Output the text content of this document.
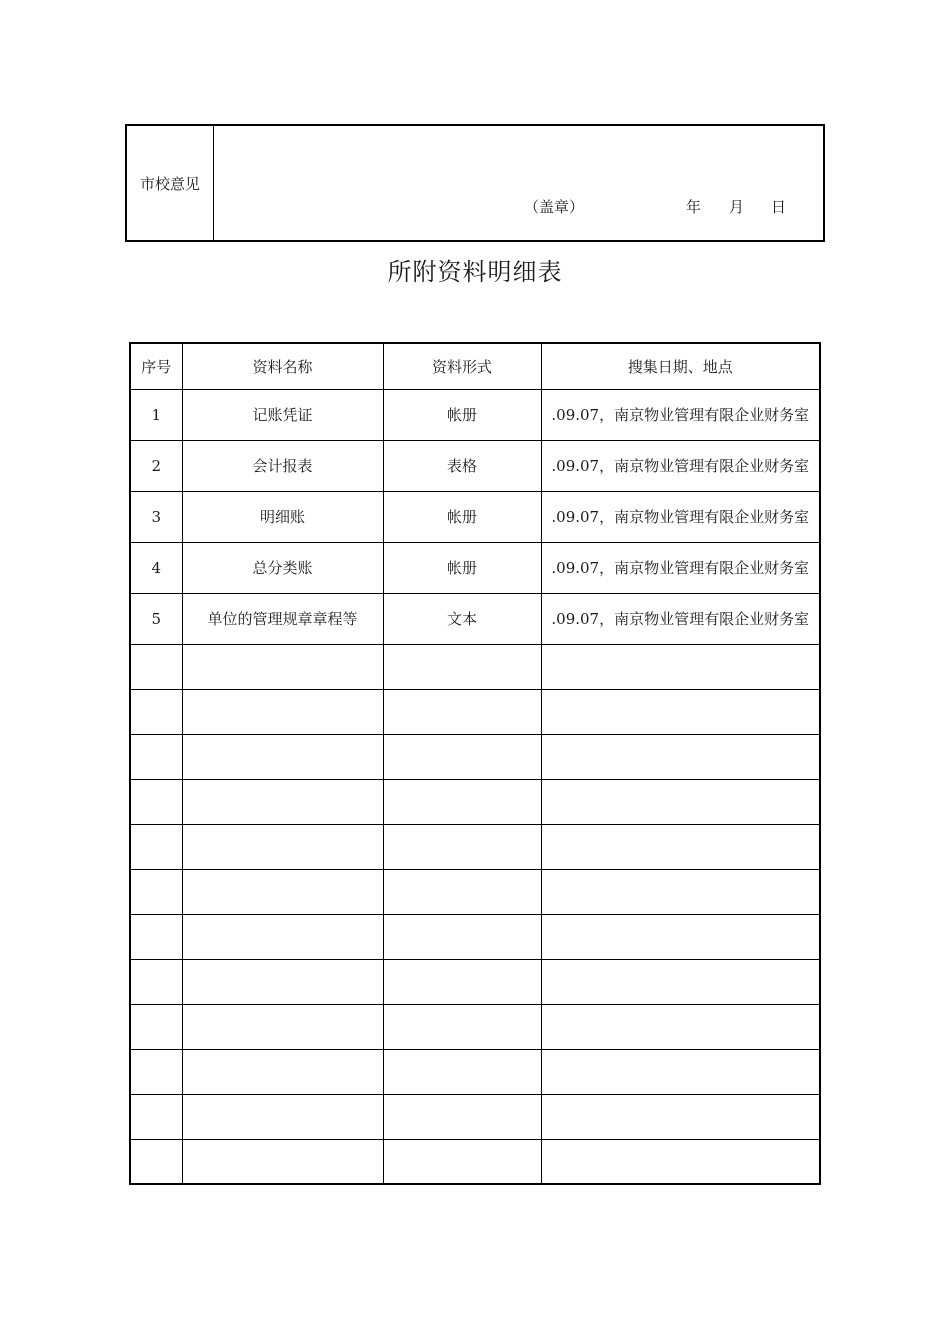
市校意见
（盖章）	年 月 日
所附资料明细表
序号	资料名称	资料形式	搜集日期、地点
1	记账凭证	帐册	.09.07，南京物业管理有限企业财务室
2	会计报表	表格	.09.07，南京物业管理有限企业财务室
3	明细账	帐册	.09.07，南京物业管理有限企业财务室
4	总分类账	帐册	.09.07，南京物业管理有限企业财务室
5	单位的管理规章章程等	文本	.09.07，南京物业管理有限企业财务室
